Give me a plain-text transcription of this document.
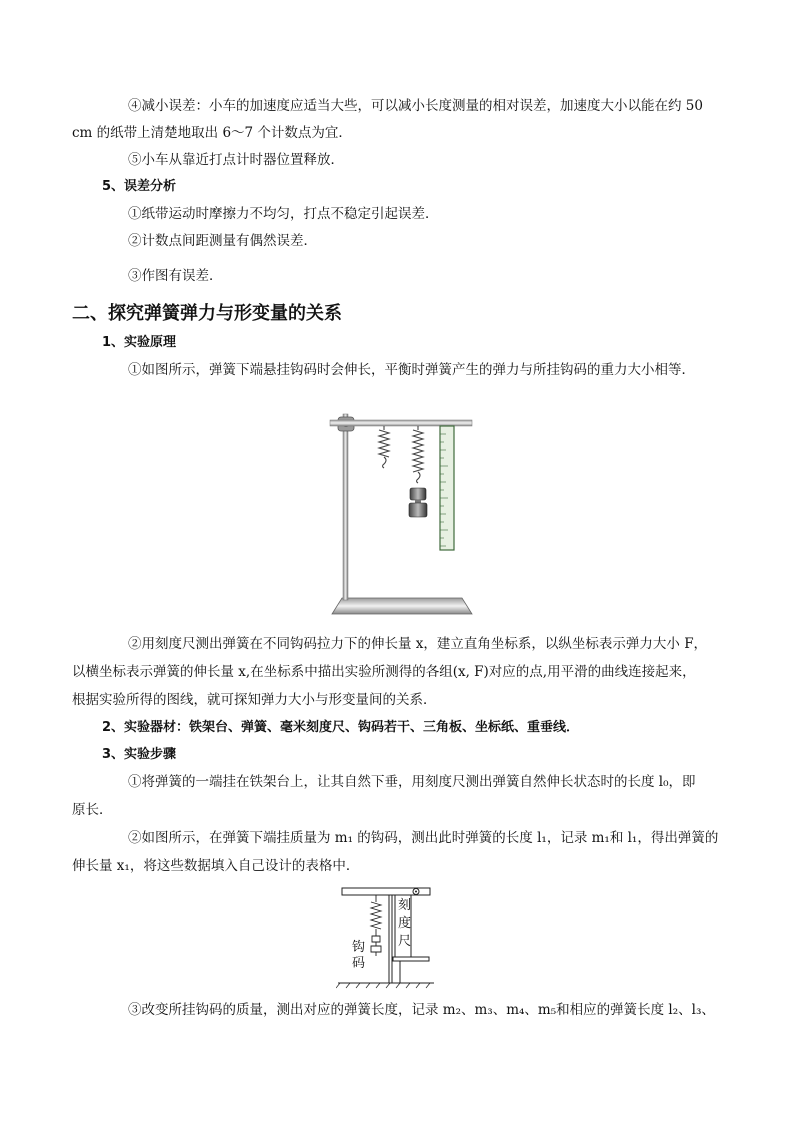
④减小误差：小车的加速度应适当大些，可以减小长度测量的相对误差，加速度大小以能在约 50
cm 的纸带上清楚地取出 6～7 个计数点为宜．
⑤小车从靠近打点计时器位置释放．
5、误差分析
①纸带运动时摩擦力不均匀，打点不稳定引起误差．
②计数点间距测量有偶然误差．
③作图有误差．
二、探究弹簧弹力与形变量的关系
1、实验原理
①如图所示，弹簧下端悬挂钩码时会伸长，平衡时弹簧产生的弹力与所挂钩码的重力大小相等．
②用刻度尺测出弹簧在不同钩码拉力下的伸长量 x，建立直角坐标系，以纵坐标表示弹力大小 F，
以横坐标表示弹簧的伸长量 x,在坐标系中描出实验所测得的各组(x, F)对应的点,用平滑的曲线连接起来，
根据实验所得的图线，就可探知弹力大小与形变量间的关系．
2、实验器材：铁架台、弹簧、毫米刻度尺、钩码若干、三角板、坐标纸、重垂线．
3、实验步骤
①将弹簧的一端挂在铁架台上，让其自然下垂，用刻度尺测出弹簧自然伸长状态时的长度 l₀，即
原长．
②如图所示，在弹簧下端挂质量为 m₁ 的钩码，测出此时弹簧的长度 l₁，记录 m₁和 l₁，得出弹簧的
伸长量 x₁，将这些数据填入自己设计的表格中．
刻度尺
钩码
③改变所挂钩码的质量，测出对应的弹簧长度，记录 m₂、m₃、m₄、m₅和相应的弹簧长度 l₂、l₃、
